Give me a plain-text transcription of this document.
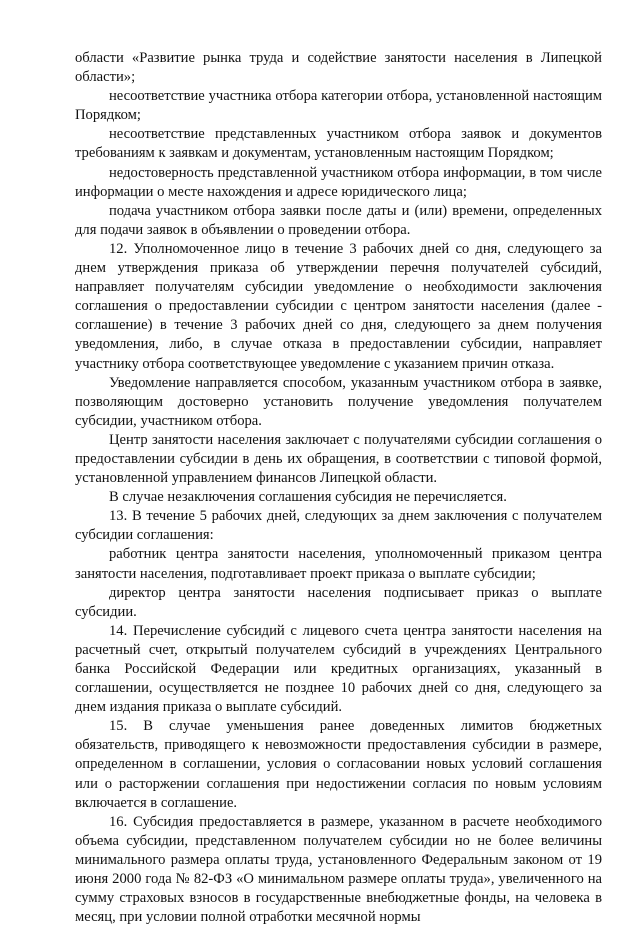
области «Развитие рынка труда и содействие занятости населения в Липецкой области»;

несоответствие участника отбора категории отбора, установленной настоящим Порядком;

несоответствие представленных участником отбора заявок и документов требованиям к заявкам и документам, установленным настоящим Порядком;

недостоверность представленной участником отбора информации, в том числе информации о месте нахождения и адресе юридического лица;

подача участником отбора заявки после даты и (или) времени, определенных для подачи заявок в объявлении о проведении отбора.

12. Уполномоченное лицо в течение 3 рабочих дней со дня, следующего за днем утверждения приказа об утверждении перечня получателей субсидий, направляет получателям субсидии уведомление о необходимости заключения соглашения о предоставлении субсидии с центром занятости населения (далее - соглашение) в течение 3 рабочих дней со дня, следующего за днем получения уведомления, либо, в случае отказа в предоставлении субсидии, направляет участнику отбора соответствующее уведомление с указанием причин отказа.

Уведомление направляется способом, указанным участником отбора в заявке, позволяющим достоверно установить получение уведомления получателем субсидии, участником отбора.

Центр занятости населения заключает с получателями субсидии соглашения о предоставлении субсидии в день их обращения, в соответствии с типовой формой, установленной управлением финансов Липецкой области.

В случае незаключения соглашения субсидия не перечисляется.

13. В течение 5 рабочих дней, следующих за днем заключения с получателем субсидии соглашения:

работник центра занятости населения, уполномоченный приказом центра занятости населения, подготавливает проект приказа о выплате субсидии;

директор центра занятости населения подписывает приказ о выплате субсидии.

14. Перечисление субсидий с лицевого счета центра занятости населения на расчетный счет, открытый получателем субсидий в учреждениях Центрального банка Российской Федерации или кредитных организациях, указанный в соглашении, осуществляется не позднее 10 рабочих дней со дня, следующего за днем издания приказа о выплате субсидий.

15. В случае уменьшения ранее доведенных лимитов бюджетных обязательств, приводящего к невозможности предоставления субсидии в размере, определенном в соглашении, условия о согласовании новых условий соглашения или о расторжении соглашения при недостижении согласия по новым условиям включается в соглашение.

16. Субсидия предоставляется в размере, указанном в расчете необходимого объема субсидии, представленном получателем субсидии но не более величины минимального размера оплаты труда, установленного Федеральным законом от 19 июня 2000 года № 82-ФЗ «О минимальном размере оплаты труда», увеличенного на сумму страховых взносов в государственные внебюджетные фонды, на человека в месяц, при условии полной отработки месячной нормы
